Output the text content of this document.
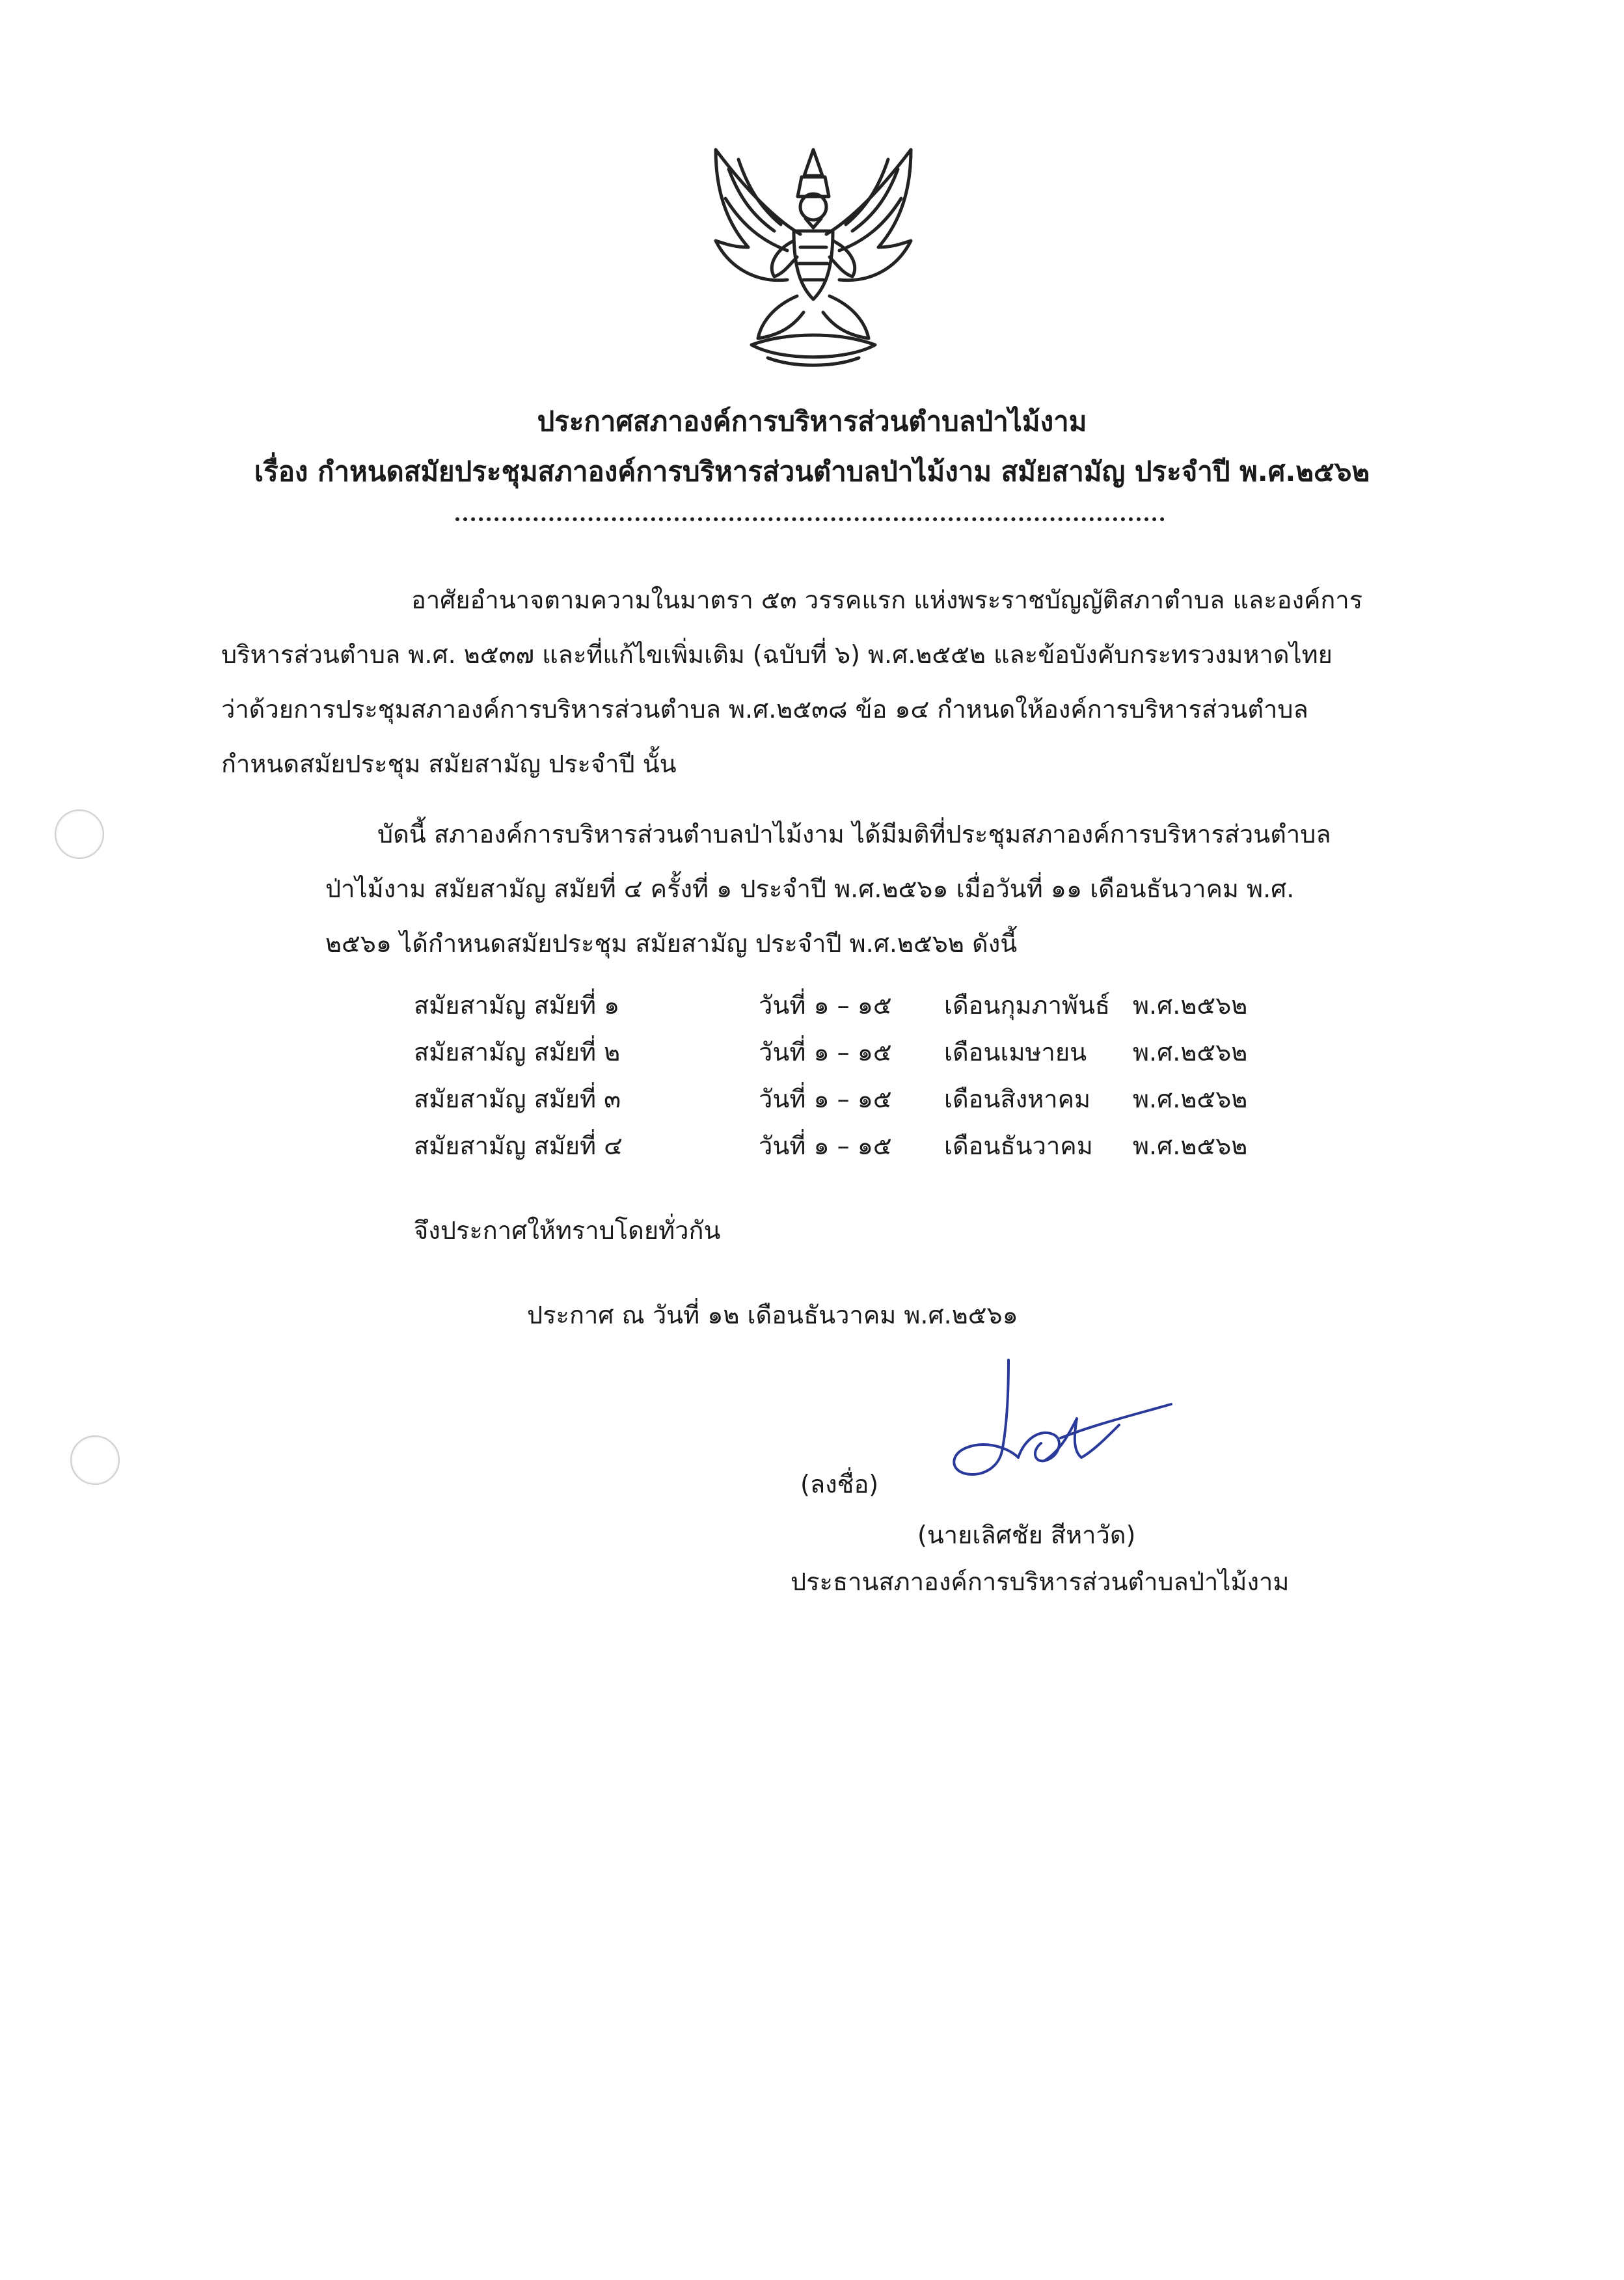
ประกาศสภาองค์การบริหารส่วนตำบลป่าไม้งาม
เรื่อง กำหนดสมัยประชุมสภาองค์การบริหารส่วนตำบลป่าไม้งาม สมัยสามัญ ประจำปี พ.ศ.๒๕๖๒
อาศัยอำนาจตามความในมาตรา ๕๓ วรรคแรก แห่งพระราชบัญญัติสภาตำบล และองค์การ
บริหารส่วนตำบล พ.ศ. ๒๕๓๗ และที่แก้ไขเพิ่มเติม (ฉบับที่ ๖) พ.ศ.๒๕๕๒ และข้อบังคับกระทรวงมหาดไทย
ว่าด้วยการประชุมสภาองค์การบริหารส่วนตำบล พ.ศ.๒๕๓๘ ข้อ ๑๔ กำหนดให้องค์การบริหารส่วนตำบล
กำหนดสมัยประชุม สมัยสามัญ ประจำปี นั้น
บัดนี้ สภาองค์การบริหารส่วนตำบลป่าไม้งาม ได้มีมติที่ประชุมสภาองค์การบริหารส่วนตำบล
ป่าไม้งาม สมัยสามัญ สมัยที่ ๔ ครั้งที่ ๑ ประจำปี พ.ศ.๒๕๖๑ เมื่อวันที่ ๑๑ เดือนธันวาคม พ.ศ.
๒๕๖๑ ได้กำหนดสมัยประชุม สมัยสามัญ ประจำปี พ.ศ.๒๕๖๒ ดังนี้
สมัยสามัญ สมัยที่ ๑	วันที่ ๑ – ๑๕	เดือนกุมภาพันธ์ พ.ศ.๒๕๖๒
สมัยสามัญ สมัยที่ ๒	วันที่ ๑ – ๑๕	เดือนเมษายน	พ.ศ.๒๕๖๒
สมัยสามัญ สมัยที่ ๓	วันที่ ๑ – ๑๕	เดือนสิงหาคม	พ.ศ.๒๕๖๒
สมัยสามัญ สมัยที่ ๔	วันที่ ๑ – ๑๕	เดือนธันวาคม	พ.ศ.๒๕๖๒
จึงประกาศให้ทราบโดยทั่วกัน
ประกาศ ณ วันที่ ๑๒ เดือนธันวาคม พ.ศ.๒๕๖๑
(ลงชื่อ)
(นายเลิศชัย สีหาวัด)
ประธานสภาองค์การบริหารส่วนตำบลป่าไม้งาม
